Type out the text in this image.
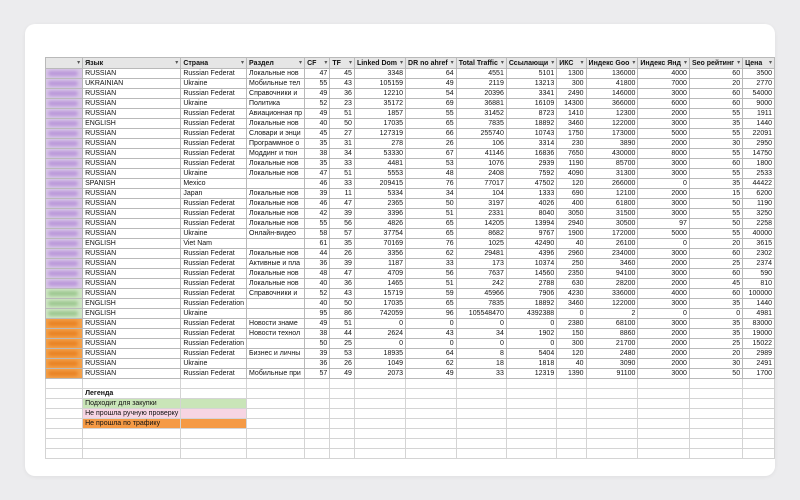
▾	Язык ▾	Страна ▾	Раздел ▾	CF ▾	TF ▾	Linked Dom ▾	DR no ahref ▾	Total Traffic ▾	Ссылающи ▾	ИКС ▾	Индекс Goo ▾	Индекс Янд ▾	Seo рейтинг ▾	Цена ▾

	RUSSIAN	Russian Federat	Локальные нов	47	45	3348	64	4551	5101	1300	136000	4000	60	3500
	UKRAINIAN	Ukraine	Мобильные тел	55	43	105159	49	2119	13213	300	41800	7000	20	2770
	RUSSIAN	Russian Federat	Справочники и	49	36	12210	54	20396	3341	2490	146000	3000	60	54000
	RUSSIAN	Ukraine	Политика	52	23	35172	69	36881	16109	14300	366000	6000	60	9000
	RUSSIAN	Russian Federat	Авиационная пр	49	51	1857	55	31452	8723	1410	12300	2000	55	1911
	ENGLISH	Russian Federat	Локальные нов	40	50	17035	65	7835	18892	3460	122000	3000	35	1440
	RUSSIAN	Russian Federat	Словари и энци	45	27	127319	66	255740	10743	1750	173000	5000	55	22091
	RUSSIAN	Russian Federat	Программное о	35	31	278	26	106	3314	230	3890	2000	30	2950
	RUSSIAN	Russian Federat	Моддинг и тюн	38	34	53330	67	41146	16836	7650	430000	8000	55	14750
	RUSSIAN	Russian Federat	Локальные нов	35	33	4481	53	1076	2939	1190	85700	3000	60	1800
	RUSSIAN	Ukraine	Локальные нов	47	51	5553	48	2408	7592	4090	31300	3000	55	2533
	SPANISH	Mexico		46	33	209415	76	77017	47502	120	266000	0	35	44422
	RUSSIAN	Japan	Локальные нов	39	11	5334	34	104	1333	690	12100	2000	15	6200
	RUSSIAN	Russian Federat	Локальные нов	46	47	2365	50	3197	4026	400	61800	3000	50	1190
	RUSSIAN	Russian Federat	Локальные нов	42	39	3396	51	2331	8040	3050	31500	3000	55	3250
	RUSSIAN	Russian Federat	Локальные нов	55	56	4826	65	14205	13994	2940	30500	97	50	2258
	RUSSIAN	Ukraine	Онлайн-видео	58	57	37754	65	8682	9767	1900	172000	5000	55	40000
	ENGLISH	Viet Nam		61	35	70169	76	1025	42490	40	26100	0	20	3615
	RUSSIAN	Russian Federat	Локальные нов	44	26	3356	62	29481	4396	2960	234000	3000	60	2302
	RUSSIAN	Russian Federat	Активные и пла	36	39	1187	33	173	10374	250	3460	2000	25	2374
	RUSSIAN	Russian Federat	Локальные нов	48	47	4709	56	7637	14560	2350	94100	3000	60	590
	RUSSIAN	Russian Federat	Локальные нов	40	36	1465	51	242	2788	630	28200	2000	45	810
	RUSSIAN	Russian Federat	Справочники и	52	43	15719	59	45966	7906	4230	336000	4000	60	100000
	ENGLISH	Russian Federation		40	50	17035	65	7835	18892	3460	122000	3000	35	1440
	ENGLISH	Ukraine		95	86	742059	96	105548470	4392388	0	2	0	0	4981
	RUSSIAN	Russian Federat	Новости знаме	49	51	0	0	0	0	2380	68100	3000	35	83000
	RUSSIAN	Russian Federat	Новости технол	38	44	2624	43	34	1902	150	8860	2000	35	19000
	RUSSIAN	Russian Federation		50	25	0	0	0	0	300	21700	2000	25	15022
	RUSSIAN	Russian Federat	Бизнес и личны	39	53	18935	64	8	5404	120	2480	2000	20	2989
	RUSSIAN	Ukraine		36	26	1049	62	18	1818	40	3090	2000	30	2491
	RUSSIAN	Russian Federat	Мобильные при	57	49	2073	49	33	12319	1390	91100	3000	50	1700

	Легенда													
	Подходит для закупки													
	Не прошла ручную проверку													
	Не прошла по трафику													
